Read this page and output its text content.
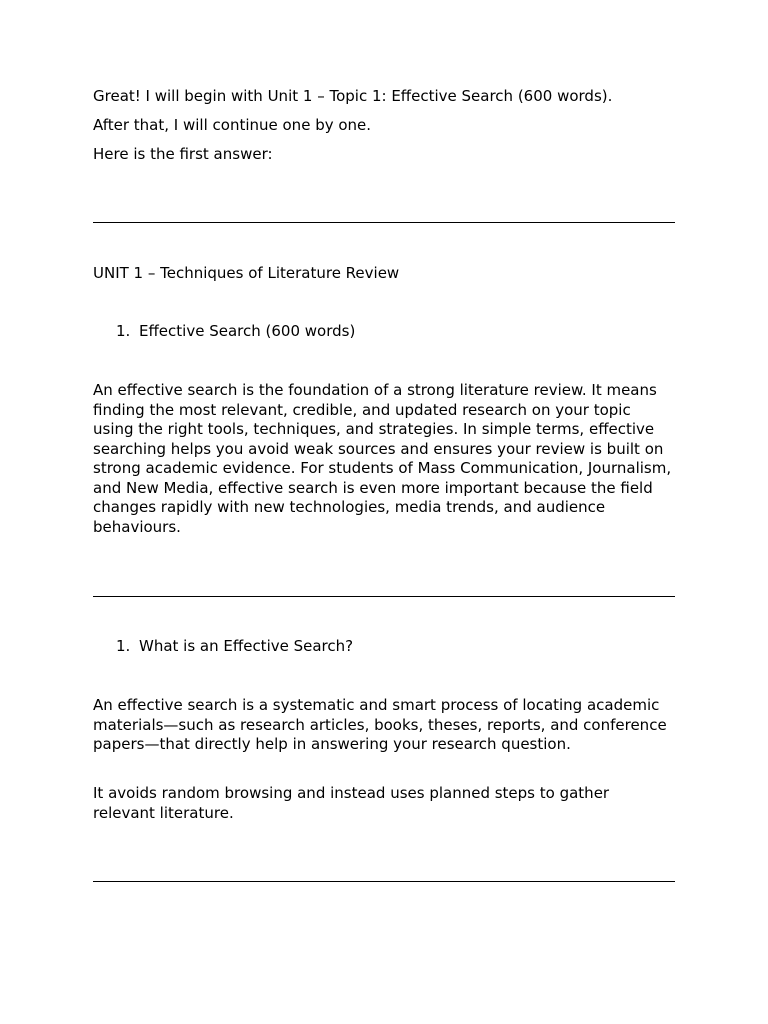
Great! I will begin with Unit 1 – Topic 1: Effective Search (600 words).

After that, I will continue one by one.

Here is the first answer:

UNIT 1 – Techniques of Literature Review

1. Effective Search (600 words)

An effective search is the foundation of a strong literature review. It means finding the most relevant, credible, and updated research on your topic using the right tools, techniques, and strategies. In simple terms, effective searching helps you avoid weak sources and ensures your review is built on strong academic evidence. For students of Mass Communication, Journalism, and New Media, effective search is even more important because the field changes rapidly with new technologies, media trends, and audience behaviours.

1. What is an Effective Search?

An effective search is a systematic and smart process of locating academic materials—such as research articles, books, theses, reports, and conference papers—that directly help in answering your research question.

It avoids random browsing and instead uses planned steps to gather relevant literature.
